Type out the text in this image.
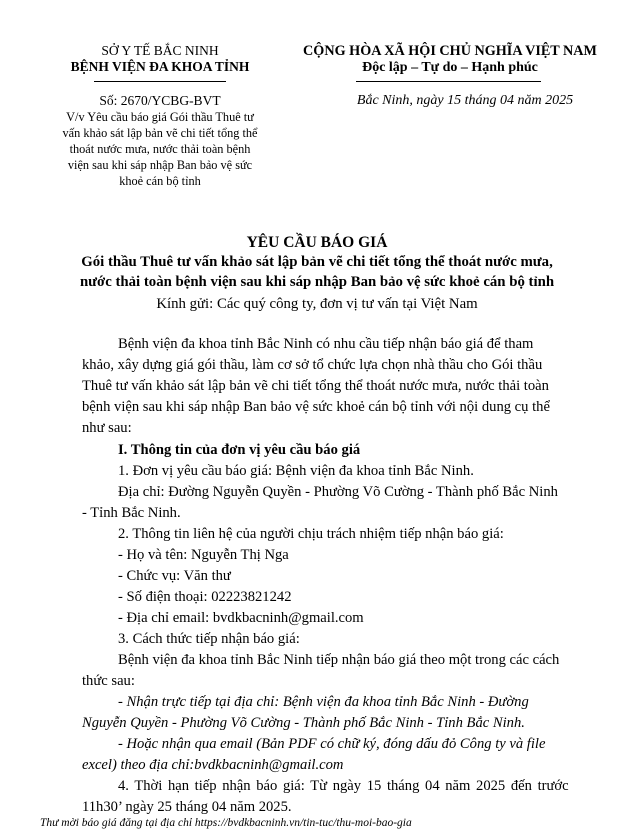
SỞ Y TẾ BẮC NINH
BỆNH VIỆN ĐA KHOA TỈNH
Số: 2670/YCBG-BVT
V/v Yêu cầu báo giá Gói thầu Thuê tư
vấn khảo sát lập bản vẽ chi tiết tổng thể
thoát nước mưa, nước thải toàn bệnh
viện sau khi sáp nhập Ban bảo vệ sức
khoẻ cán bộ tỉnh
CỘNG HÒA XÃ HỘI CHỦ NGHĨA VIỆT NAM
Độc lập – Tự do – Hạnh phúc
Bắc Ninh, ngày 15 tháng 04 năm 2025
YÊU CẦU BÁO GIÁ
Gói thầu Thuê tư vấn khảo sát lập bản vẽ chi tiết tổng thể thoát nước mưa,
nước thải toàn bệnh viện sau khi sáp nhập Ban bảo vệ sức khoẻ cán bộ tỉnh
Kính gửi: Các quý công ty, đơn vị tư vấn tại Việt Nam
Bệnh viện đa khoa tỉnh Bắc Ninh có nhu cầu tiếp nhận báo giá để tham
khảo, xây dựng giá gói thầu, làm cơ sở tổ chức lựa chọn nhà thầu cho Gói thầu
Thuê tư vấn khảo sát lập bản vẽ chi tiết tổng thể thoát nước mưa, nước thải toàn
bệnh viện sau khi sáp nhập Ban bảo vệ sức khoẻ cán bộ tỉnh với nội dung cụ thể
như sau:
I. Thông tin của đơn vị yêu cầu báo giá
1. Đơn vị yêu cầu báo giá: Bệnh viện đa khoa tỉnh Bắc Ninh.
Địa chỉ: Đường Nguyễn Quyền - Phường Võ Cường - Thành phố Bắc Ninh
- Tỉnh Bắc Ninh.
2. Thông tin liên hệ của người chịu trách nhiệm tiếp nhận báo giá:
- Họ và tên: Nguyễn Thị Nga
- Chức vụ: Văn thư
- Số điện thoại: 02223821242
- Địa chỉ email: bvdkbacninh@gmail.com
3. Cách thức tiếp nhận báo giá:
Bệnh viện đa khoa tỉnh Bắc Ninh tiếp nhận báo giá theo một trong các cách
thức sau:
- Nhận trực tiếp tại địa chỉ: Bệnh viện đa khoa tỉnh Bắc Ninh - Đường
Nguyễn Quyền - Phường Võ Cường - Thành phố Bắc Ninh - Tỉnh Bắc Ninh.
- Hoặc nhận qua email (Bản PDF có chữ ký, đóng dấu đỏ Công ty và file
excel) theo địa chỉ:bvdkbacninh@gmail.com
4. Thời hạn tiếp nhận báo giá: Từ ngày 15 tháng 04 năm 2025 đến trước
11h30’ ngày 25 tháng 04 năm 2025.
Thư mời báo giá đăng tại địa chỉ https://bvdkbacninh.vn/tin-tuc/thu-moi-bao-gia
